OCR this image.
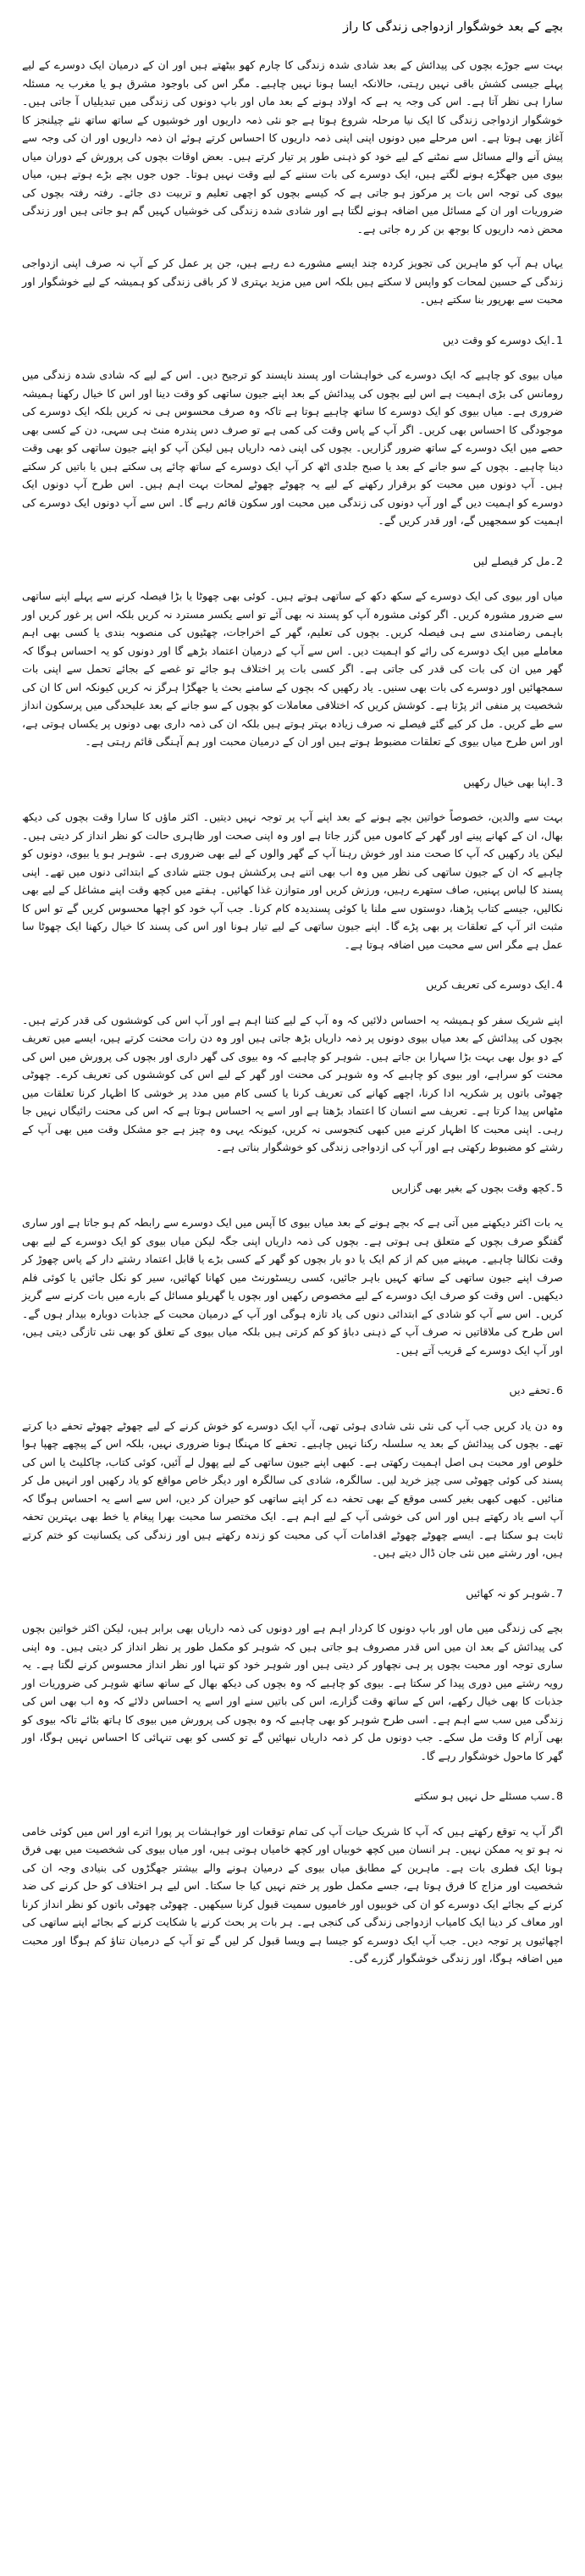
بچے کے بعد خوشگوار ازدواجی زندگی کا راز

بہت سے جوڑے بچوں کی پیدائش کے بعد شادی شدہ زندگی کا چارم کھو بیٹھتے ہیں اور ان کے درمیان ایک دوسرے کے لیے پہلے جیسی کشش باقی نہیں رہتی، حالانکہ ایسا ہونا نہیں چاہیے۔ مگر اس کی باوجود مشرق ہو یا مغرب یہ مسئلہ سارا ہی نظر آتا ہے۔ اس کی وجہ یہ ہے کہ اولاد ہونے کے بعد ماں اور باپ دونوں کی زندگی میں تبدیلیاں آ جاتی ہیں۔ خوشگوار ازدواجی زندگی کا ایک نیا مرحلہ شروع ہوتا ہے جو نئی ذمہ داریوں اور خوشیوں کے ساتھ ساتھ نئے چیلنجز کا آغاز بھی ہوتا ہے۔ اس مرحلے میں دونوں اپنی اپنی ذمہ داریوں کا احساس کرتے ہوئے ان ذمہ داریوں اور ان کی وجہ سے پیش آنے والے مسائل سے نمٹنے کے لیے خود کو ذہنی طور پر تیار کرتے ہیں۔ بعض اوقات بچوں کی پرورش کے دوران میاں بیوی میں جھگڑے ہونے لگتے ہیں، ایک دوسرے کی بات سننے کے لیے وقت نہیں ہوتا۔ جوں جوں بچے بڑے ہوتے ہیں، میاں بیوی کی توجہ اس بات پر مرکوز ہو جاتی ہے کہ کیسے بچوں کو اچھی تعلیم و تربیت دی جائے۔ رفتہ رفتہ بچوں کی ضروریات اور ان کے مسائل میں اضافہ ہونے لگتا ہے اور شادی شدہ زندگی کی خوشیاں کہیں گم ہو جاتی ہیں اور زندگی محض ذمہ داریوں کا بوجھ بن کر رہ جاتی ہے۔

یہاں ہم آپ کو ماہرین کی تجویز کردہ چند ایسے مشورے دے رہے ہیں، جن پر عمل کر کے آپ نہ صرف اپنی ازدواجی زندگی کے حسین لمحات کو واپس لا سکتے ہیں بلکہ اس میں مزید بہتری لا کر باقی زندگی کو ہمیشہ کے لیے خوشگوار اور محبت سے بھرپور بنا سکتے ہیں۔

1۔ایک دوسرے کو وقت دیں

میاں بیوی کو چاہیے کہ ایک دوسرے کی خواہشات اور پسند ناپسند کو ترجیح دیں۔ اس کے لیے کہ شادی شدہ زندگی میں رومانس کی بڑی اہمیت ہے اس لیے بچوں کی پیدائش کے بعد اپنے جیون ساتھی کو وقت دینا اور اس کا خیال رکھنا ہمیشہ ضروری ہے۔ میاں بیوی کو ایک دوسرے کا ساتھ چاہیے ہوتا ہے تاکہ وہ صرف محسوس ہی نہ کریں بلکہ ایک دوسرے کی موجودگی کا احساس بھی کریں۔ اگر آپ کے پاس وقت کی کمی ہے تو صرف دس پندرہ منٹ ہی سہی، دن کے کسی بھی حصے میں ایک دوسرے کے ساتھ ضرور گزاریں۔ بچوں کی اپنی ذمہ داریاں ہیں لیکن آپ کو اپنے جیون ساتھی کو بھی وقت دینا چاہیے۔ بچوں کے سو جانے کے بعد یا صبح جلدی اٹھ کر آپ ایک دوسرے کے ساتھ چائے پی سکتے ہیں یا باتیں کر سکتے ہیں۔ آپ دونوں میں محبت کو برقرار رکھنے کے لیے یہ چھوٹے چھوٹے لمحات بہت اہم ہیں۔ اس طرح آپ دونوں ایک دوسرے کو اہمیت دیں گے اور آپ دونوں کی زندگی میں محبت اور سکون قائم رہے گا۔ اس سے آپ دونوں ایک دوسرے کی اہمیت کو سمجھیں گے، اور قدر کریں گے۔

2۔مل کر فیصلے لیں

میاں اور بیوی کی ایک دوسرے کے سکھ دکھ کے ساتھی ہوتے ہیں۔ کوئی بھی چھوٹا یا بڑا فیصلہ کرنے سے پہلے اپنے ساتھی سے ضرور مشورہ کریں۔ اگر کوئی مشورہ آپ کو پسند نہ بھی آئے تو اسے یکسر مسترد نہ کریں بلکہ اس پر غور کریں اور باہمی رضامندی سے ہی فیصلہ کریں۔ بچوں کی تعلیم، گھر کے اخراجات، چھٹیوں کی منصوبہ بندی یا کسی بھی اہم معاملے میں ایک دوسرے کی رائے کو اہمیت دیں۔ اس سے آپ کے درمیان اعتماد بڑھے گا اور دونوں کو یہ احساس ہوگا کہ گھر میں ان کی بات کی قدر کی جاتی ہے۔ اگر کسی بات پر اختلاف ہو جائے تو غصے کے بجائے تحمل سے اپنی بات سمجھائیں اور دوسرے کی بات بھی سنیں۔ یاد رکھیں کہ بچوں کے سامنے بحث یا جھگڑا ہرگز نہ کریں کیونکہ اس کا ان کی شخصیت پر منفی اثر پڑتا ہے۔ کوشش کریں کہ اختلافی معاملات کو بچوں کے سو جانے کے بعد علیحدگی میں پرسکون انداز سے طے کریں۔ مل کر کیے گئے فیصلے نہ صرف زیادہ بہتر ہوتے ہیں بلکہ ان کی ذمہ داری بھی دونوں پر یکساں ہوتی ہے، اور اس طرح میاں بیوی کے تعلقات مضبوط ہوتے ہیں اور ان کے درمیان محبت اور ہم آہنگی قائم رہتی ہے۔

3۔اپنا بھی خیال رکھیں

بہت سے والدین، خصوصاً خواتین بچے ہونے کے بعد اپنے آپ پر توجہ نہیں دیتیں۔ اکثر ماؤں کا سارا وقت بچوں کی دیکھ بھال، ان کے کھانے پینے اور گھر کے کاموں میں گزر جاتا ہے اور وہ اپنی صحت اور ظاہری حالت کو نظر انداز کر دیتی ہیں۔ لیکن یاد رکھیں کہ آپ کا صحت مند اور خوش رہنا آپ کے گھر والوں کے لیے بھی ضروری ہے۔ شوہر ہو یا بیوی، دونوں کو چاہیے کہ ان کے جیون ساتھی کی نظر میں وہ اب بھی اتنے ہی پرکشش ہوں جتنے شادی کے ابتدائی دنوں میں تھے۔ اپنی پسند کا لباس پہنیں، صاف ستھرے رہیں، ورزش کریں اور متوازن غذا کھائیں۔ ہفتے میں کچھ وقت اپنے مشاغل کے لیے بھی نکالیں، جیسے کتاب پڑھنا، دوستوں سے ملنا یا کوئی پسندیدہ کام کرنا۔ جب آپ خود کو اچھا محسوس کریں گے تو اس کا مثبت اثر آپ کے تعلقات پر بھی پڑے گا۔ اپنے جیون ساتھی کے لیے تیار ہونا اور اس کی پسند کا خیال رکھنا ایک چھوٹا سا عمل ہے مگر اس سے محبت میں اضافہ ہوتا ہے۔

4۔ایک دوسرے کی تعریف کریں

اپنے شریک سفر کو ہمیشہ یہ احساس دلائیں کہ وہ آپ کے لیے کتنا اہم ہے اور آپ اس کی کوششوں کی قدر کرتے ہیں۔ بچوں کی پیدائش کے بعد میاں بیوی دونوں پر ذمہ داریاں بڑھ جاتی ہیں اور وہ دن رات محنت کرتے ہیں، ایسے میں تعریف کے دو بول بھی بہت بڑا سہارا بن جاتے ہیں۔ شوہر کو چاہیے کہ وہ بیوی کی گھر داری اور بچوں کی پرورش میں اس کی محنت کو سراہے، اور بیوی کو چاہیے کہ وہ شوہر کی محنت اور گھر کے لیے اس کی کوششوں کی تعریف کرے۔ چھوٹی چھوٹی باتوں پر شکریہ ادا کرنا، اچھے کھانے کی تعریف کرنا یا کسی کام میں مدد پر خوشی کا اظہار کرنا تعلقات میں مٹھاس پیدا کرتا ہے۔ تعریف سے انسان کا اعتماد بڑھتا ہے اور اسے یہ احساس ہوتا ہے کہ اس کی محنت رائیگاں نہیں جا رہی۔ اپنی محبت کا اظہار کرنے میں کبھی کنجوسی نہ کریں، کیونکہ یہی وہ چیز ہے جو مشکل وقت میں بھی آپ کے رشتے کو مضبوط رکھتی ہے اور آپ کی ازدواجی زندگی کو خوشگوار بناتی ہے۔

5۔کچھ وقت بچوں کے بغیر بھی گزاریں

یہ بات اکثر دیکھنے میں آتی ہے کہ بچے ہونے کے بعد میاں بیوی کا آپس میں ایک دوسرے سے رابطہ کم ہو جاتا ہے اور ساری گفتگو صرف بچوں کے متعلق ہی ہوتی ہے۔ بچوں کی ذمہ داریاں اپنی جگہ لیکن میاں بیوی کو ایک دوسرے کے لیے بھی وقت نکالنا چاہیے۔ مہینے میں کم از کم ایک یا دو بار بچوں کو گھر کے کسی بڑے یا قابل اعتماد رشتے دار کے پاس چھوڑ کر صرف اپنے جیون ساتھی کے ساتھ کہیں باہر جائیں، کسی ریسٹورنٹ میں کھانا کھائیں، سیر کو نکل جائیں یا کوئی فلم دیکھیں۔ اس وقت کو صرف ایک دوسرے کے لیے مخصوص رکھیں اور بچوں یا گھریلو مسائل کے بارے میں بات کرنے سے گریز کریں۔ اس سے آپ کو شادی کے ابتدائی دنوں کی یاد تازہ ہوگی اور آپ کے درمیان محبت کے جذبات دوبارہ بیدار ہوں گے۔ اس طرح کی ملاقاتیں نہ صرف آپ کے ذہنی دباؤ کو کم کرتی ہیں بلکہ میاں بیوی کے تعلق کو بھی نئی تازگی دیتی ہیں، اور آپ ایک دوسرے کے قریب آتے ہیں۔

6۔تحفے دیں

وہ دن یاد کریں جب آپ کی نئی نئی شادی ہوئی تھی، آپ ایک دوسرے کو خوش کرنے کے لیے چھوٹے چھوٹے تحفے دیا کرتے تھے۔ بچوں کی پیدائش کے بعد یہ سلسلہ رکنا نہیں چاہیے۔ تحفے کا مہنگا ہونا ضروری نہیں، بلکہ اس کے پیچھے چھپا ہوا خلوص اور محبت ہی اصل اہمیت رکھتی ہے۔ کبھی اپنے جیون ساتھی کے لیے پھول لے آئیں، کوئی کتاب، چاکلیٹ یا اس کی پسند کی کوئی چھوٹی سی چیز خرید لیں۔ سالگرہ، شادی کی سالگرہ اور دیگر خاص مواقع کو یاد رکھیں اور انہیں مل کر منائیں۔ کبھی کبھی بغیر کسی موقع کے بھی تحفہ دے کر اپنے ساتھی کو حیران کر دیں، اس سے اسے یہ احساس ہوگا کہ آپ اسے یاد رکھتے ہیں اور اس کی خوشی آپ کے لیے اہم ہے۔ ایک مختصر سا محبت بھرا پیغام یا خط بھی بہترین تحفہ ثابت ہو سکتا ہے۔ ایسے چھوٹے چھوٹے اقدامات آپ کی محبت کو زندہ رکھتے ہیں اور زندگی کی یکسانیت کو ختم کرتے ہیں، اور رشتے میں نئی جان ڈال دیتے ہیں۔

7۔شوہر کو نہ کھائیں

بچے کی زندگی میں ماں اور باپ دونوں کا کردار اہم ہے اور دونوں کی ذمہ داریاں بھی برابر ہیں، لیکن اکثر خواتین بچوں کی پیدائش کے بعد ان میں اس قدر مصروف ہو جاتی ہیں کہ شوہر کو مکمل طور پر نظر انداز کر دیتی ہیں۔ وہ اپنی ساری توجہ اور محبت بچوں پر ہی نچھاور کر دیتی ہیں اور شوہر خود کو تنہا اور نظر انداز محسوس کرنے لگتا ہے۔ یہ رویہ رشتے میں دوری پیدا کر سکتا ہے۔ بیوی کو چاہیے کہ وہ بچوں کی دیکھ بھال کے ساتھ ساتھ شوہر کی ضروریات اور جذبات کا بھی خیال رکھے، اس کے ساتھ وقت گزارے، اس کی باتیں سنے اور اسے یہ احساس دلائے کہ وہ اب بھی اس کی زندگی میں سب سے اہم ہے۔ اسی طرح شوہر کو بھی چاہیے کہ وہ بچوں کی پرورش میں بیوی کا ہاتھ بٹائے تاکہ بیوی کو بھی آرام کا وقت مل سکے۔ جب دونوں مل کر ذمہ داریاں نبھائیں گے تو کسی کو بھی تنہائی کا احساس نہیں ہوگا، اور گھر کا ماحول خوشگوار رہے گا۔

8۔سب مسئلے حل نہیں ہو سکتے

اگر آپ یہ توقع رکھتے ہیں کہ آپ کا شریک حیات آپ کی تمام توقعات اور خواہشات پر پورا اترے اور اس میں کوئی خامی نہ ہو تو یہ ممکن نہیں۔ ہر انسان میں کچھ خوبیاں اور کچھ خامیاں ہوتی ہیں، اور میاں بیوی کی شخصیت میں بھی فرق ہونا ایک فطری بات ہے۔ ماہرین کے مطابق میاں بیوی کے درمیان ہونے والے بیشتر جھگڑوں کی بنیادی وجہ ان کی شخصیت اور مزاج کا فرق ہوتا ہے، جسے مکمل طور پر ختم نہیں کیا جا سکتا۔ اس لیے ہر اختلاف کو حل کرنے کی ضد کرنے کے بجائے ایک دوسرے کو ان کی خوبیوں اور خامیوں سمیت قبول کرنا سیکھیں۔ چھوٹی چھوٹی باتوں کو نظر انداز کرنا اور معاف کر دینا ایک کامیاب ازدواجی زندگی کی کنجی ہے۔ ہر بات پر بحث کرنے یا شکایت کرنے کے بجائے اپنے ساتھی کی اچھائیوں پر توجہ دیں۔ جب آپ ایک دوسرے کو جیسا ہے ویسا قبول کر لیں گے تو آپ کے درمیان تناؤ کم ہوگا اور محبت میں اضافہ ہوگا، اور زندگی خوشگوار گزرے گی۔
